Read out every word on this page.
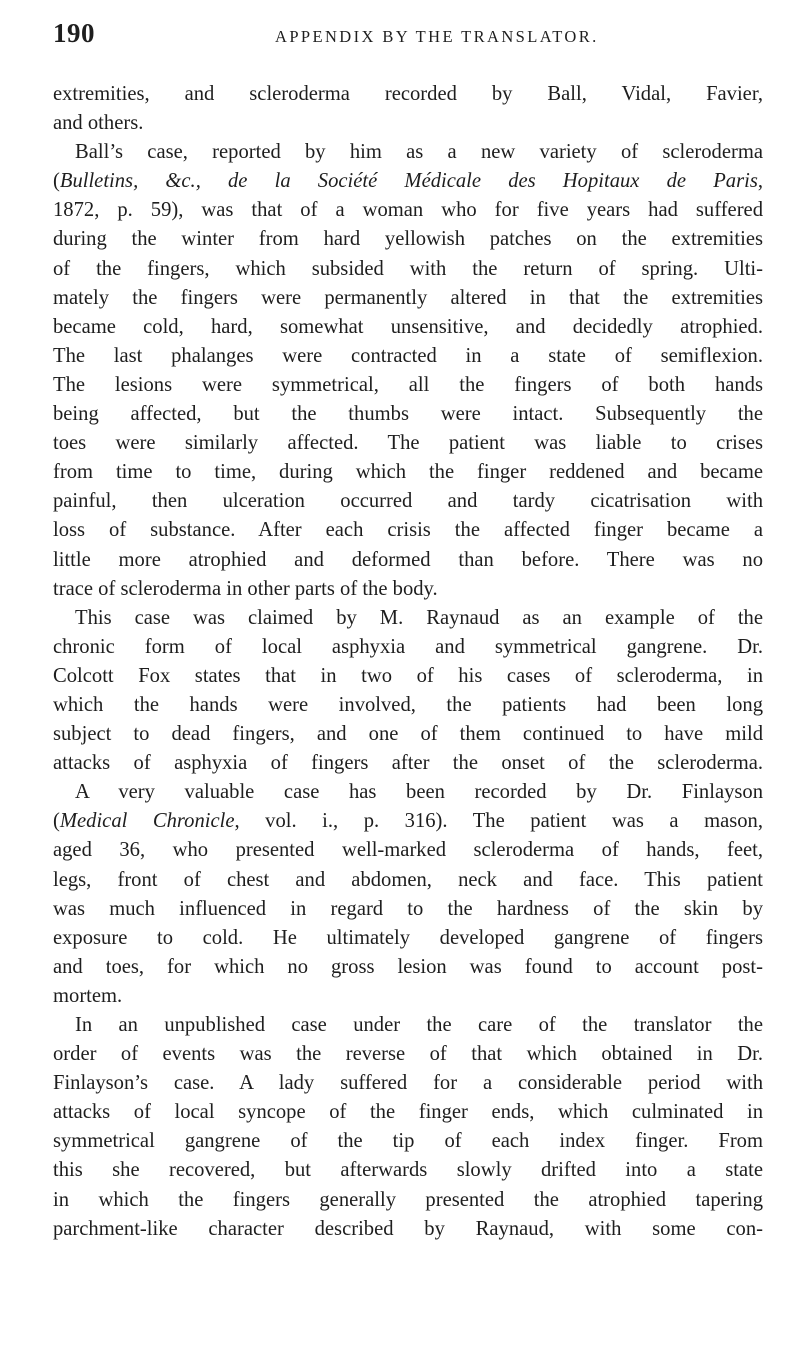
190	APPENDIX BY THE TRANSLATOR.
extremities, and scleroderma recorded by Ball, Vidal, Favier,
and others.
Ball’s case, reported by him as a new variety of scleroderma
(Bulletins, &c., de la Société Médicale des Hopitaux de Paris,
1872, p. 59), was that of a woman who for five years had suffered
during the winter from hard yellowish patches on the extremities
of the fingers, which subsided with the return of spring. Ulti-
mately the fingers were permanently altered in that the extremities
became cold, hard, somewhat unsensitive, and decidedly atrophied.
The last phalanges were contracted in a state of semiflexion.
The lesions were symmetrical, all the fingers of both hands
being affected, but the thumbs were intact. Subsequently the
toes were similarly affected. The patient was liable to crises
from time to time, during which the finger reddened and became
painful, then ulceration occurred and tardy cicatrisation with
loss of substance. After each crisis the affected finger became a
little more atrophied and deformed than before. There was no
trace of scleroderma in other parts of the body.
This case was claimed by M. Raynaud as an example of the
chronic form of local asphyxia and symmetrical gangrene. Dr.
Colcott Fox states that in two of his cases of scleroderma, in
which the hands were involved, the patients had been long
subject to dead fingers, and one of them continued to have mild
attacks of asphyxia of fingers after the onset of the scleroderma.
A very valuable case has been recorded by Dr. Finlayson
(Medical Chronicle, vol. i., p. 316). The patient was a mason,
aged 36, who presented well-marked scleroderma of hands, feet,
legs, front of chest and abdomen, neck and face. This patient
was much influenced in regard to the hardness of the skin by
exposure to cold. He ultimately developed gangrene of fingers
and toes, for which no gross lesion was found to account post-
mortem.
In an unpublished case under the care of the translator the
order of events was the reverse of that which obtained in Dr.
Finlayson’s case. A lady suffered for a considerable period with
attacks of local syncope of the finger ends, which culminated in
symmetrical gangrene of the tip of each index finger. From
this she recovered, but afterwards slowly drifted into a state
in which the fingers generally presented the atrophied tapering
parchment-like character described by Raynaud, with some con-
